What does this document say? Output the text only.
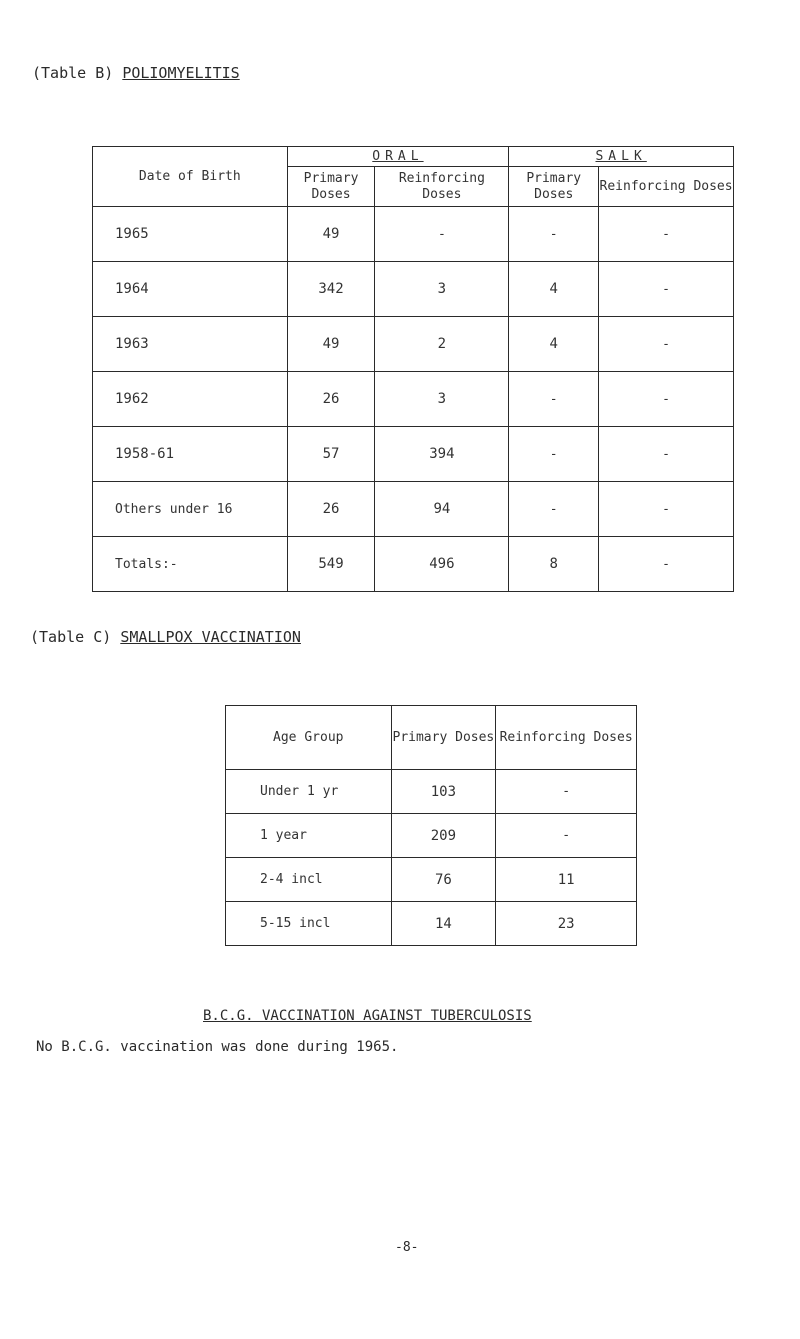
(Table B) POLIOMYELITIS
Date of Birth	ORAL		SALK	
	Primary Doses	Reinforcing Doses	Primary Doses	Reinforcing Doses
1965	49	-	-	-
1964	342	3	4	-
1963	49	2	4	-
1962	26	3	-	-
1958-61	57	394	-	-
Others under 16	26	94	-	-
Totals:-	549	496	8	-
(Table C) SMALLPOX VACCINATION
Age Group	Primary Doses	Reinforcing Doses
Under 1 yr	103	-
1 year	209	-
2-4 incl	76	11
5-15 incl	14	23
B.C.G. VACCINATION AGAINST TUBERCULOSIS
No B.C.G. vaccination was done during 1965.
-8-
